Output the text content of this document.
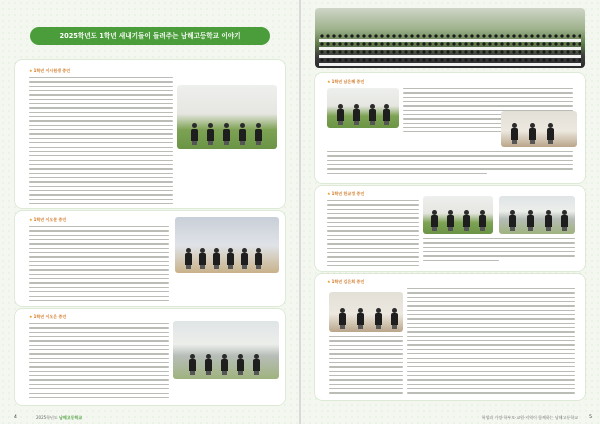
2025학년도 1학년 새내기들이 들려주는 남해고등학교 이야기
★1학년 이시원생 증언
★1학년 이오문 증언
★1학년 이오은 증언
4	2025학년도 남해고등학교
★1학년 남은혜 증언
★1학년 한교정 증언
★1학년 김은희 증언
학생과 가정·학부모·교원·지역이 함께하는 남해고등학교 5
